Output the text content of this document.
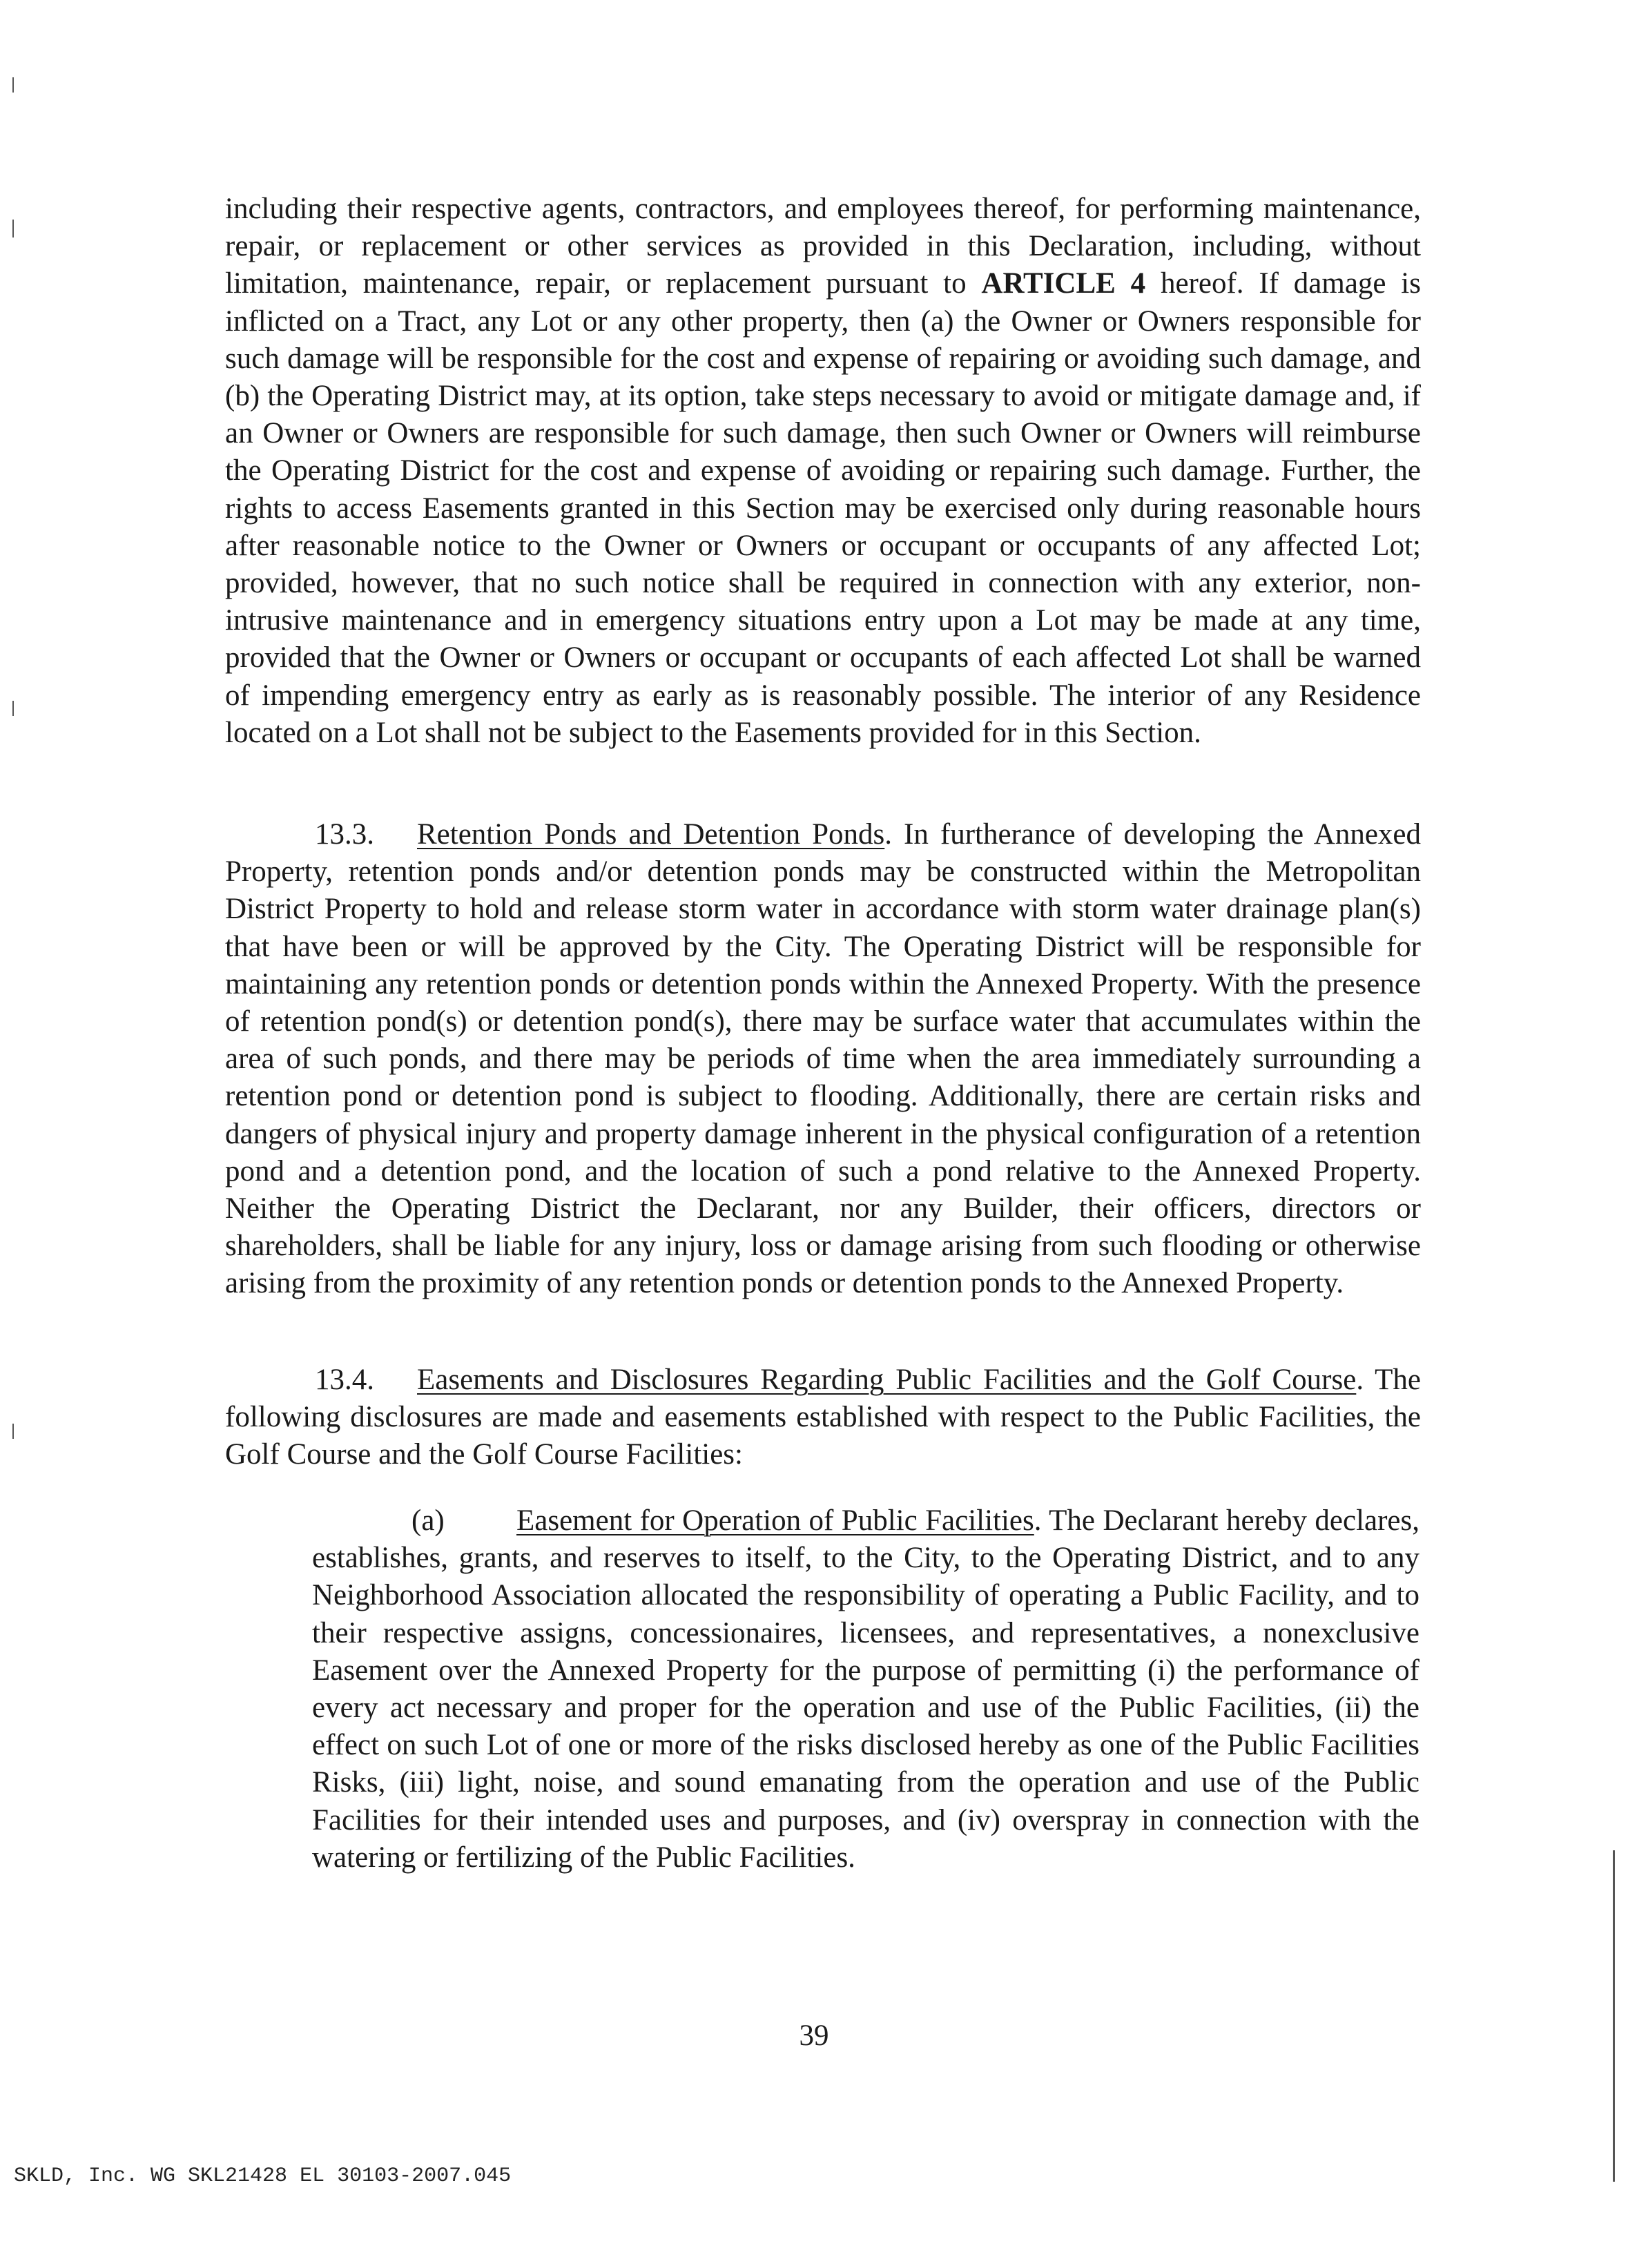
including their respective agents, contractors, and employees thereof, for performing maintenance, repair, or replacement or other services as provided in this Declaration, including, without limitation, maintenance, repair, or replacement pursuant to ARTICLE 4 hereof. If damage is inflicted on a Tract, any Lot or any other property, then (a) the Owner or Owners responsible for such damage will be responsible for the cost and expense of repairing or avoiding such damage, and (b) the Operating District may, at its option, take steps necessary to avoid or mitigate damage and, if an Owner or Owners are responsible for such damage, then such Owner or Owners will reimburse the Operating District for the cost and expense of avoiding or repairing such damage. Further, the rights to access Easements granted in this Section may be exercised only during reasonable hours after reasonable notice to the Owner or Owners or occupant or occupants of any affected Lot; provided, however, that no such notice shall be required in connection with any exterior, non-intrusive maintenance and in emergency situations entry upon a Lot may be made at any time, provided that the Owner or Owners or occupant or occupants of each affected Lot shall be warned of impending emergency entry as early as is reasonably possible. The interior of any Residence located on a Lot shall not be subject to the Easements provided for in this Section.

13.3. Retention Ponds and Detention Ponds. In furtherance of developing the Annexed Property, retention ponds and/or detention ponds may be constructed within the Metropolitan District Property to hold and release storm water in accordance with storm water drainage plan(s) that have been or will be approved by the City. The Operating District will be responsible for maintaining any retention ponds or detention ponds within the Annexed Property. With the presence of retention pond(s) or detention pond(s), there may be surface water that accumulates within the area of such ponds, and there may be periods of time when the area immediately surrounding a retention pond or detention pond is subject to flooding. Additionally, there are certain risks and dangers of physical injury and property damage inherent in the physical configuration of a retention pond and a detention pond, and the location of such a pond relative to the Annexed Property. Neither the Operating District the Declarant, nor any Builder, their officers, directors or shareholders, shall be liable for any injury, loss or damage arising from such flooding or otherwise arising from the proximity of any retention ponds or detention ponds to the Annexed Property.

13.4. Easements and Disclosures Regarding Public Facilities and the Golf Course. The following disclosures are made and easements established with respect to the Public Facilities, the Golf Course and the Golf Course Facilities:

(a) Easement for Operation of Public Facilities. The Declarant hereby declares, establishes, grants, and reserves to itself, to the City, to the Operating District, and to any Neighborhood Association allocated the responsibility of operating a Public Facility, and to their respective assigns, concessionaires, licensees, and representatives, a nonexclusive Easement over the Annexed Property for the purpose of permitting (i) the performance of every act necessary and proper for the operation and use of the Public Facilities, (ii) the effect on such Lot of one or more of the risks disclosed hereby as one of the Public Facilities Risks, (iii) light, noise, and sound emanating from the operation and use of the Public Facilities for their intended uses and purposes, and (iv) overspray in connection with the watering or fertilizing of the Public Facilities.

39
SKLD, Inc. WG SKL21428 EL 30103-2007.045
